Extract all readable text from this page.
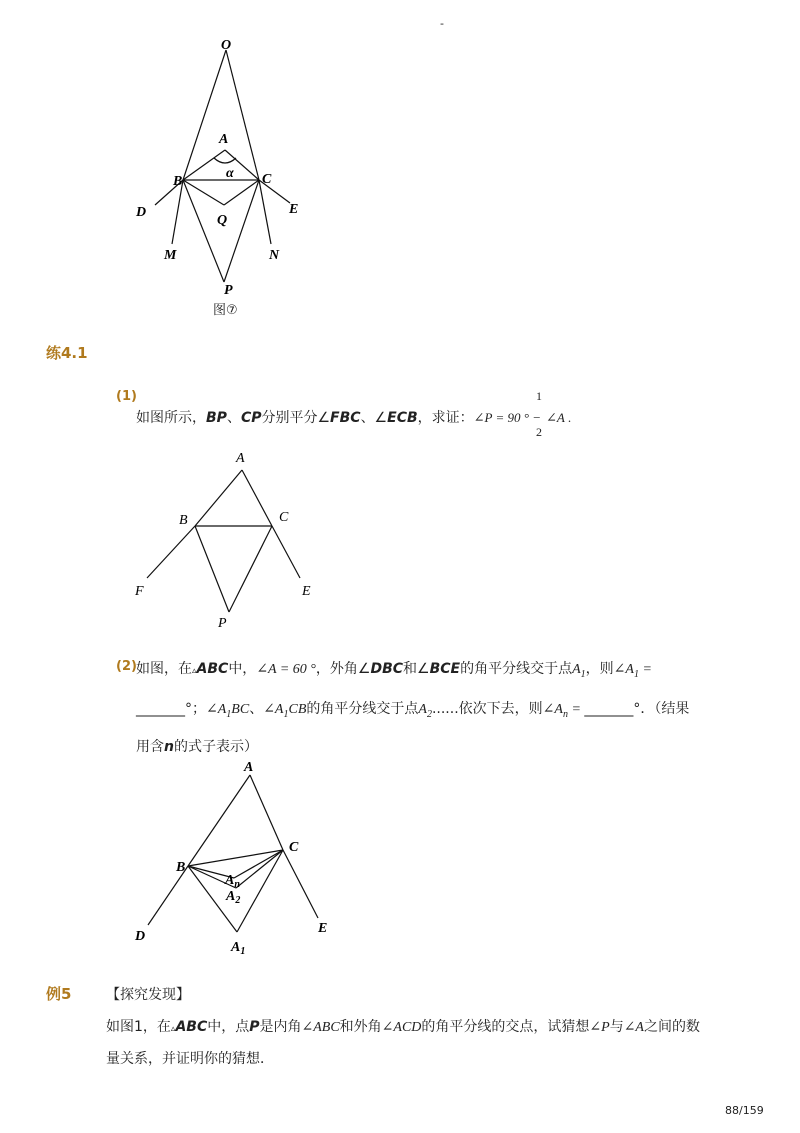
-
O
A
α
B	C
D	E
Q
M	N
P
图⑦
练4.1
(1)
如图所示，BP、CP分别平分∠FBC、∠ECB，求证：∠P = 90 ° −
1
2
∠A .
A
B	C
F	E
P
(2) 如图，在▵ABC中，∠A = 60 °，外角∠DBC和∠BCE的角平分线交于点$A_1$，则$\angle A_1$ =
_______°；$\angle A_1BC$、$\angle A_1CB$的角平分线交于点$A_2$......依次下去，则$\angle A_n$ = _______°．（结果
用含n的式子表示）
A
B
C
D
E
$A_n$
$A_2$
$A_1$
例5 【探究发现】
如图1，在▵ABC中，点P是内角∠ABC和外角∠ACD的角平分线的交点，试猜想∠P与∠A之间的数
量关系，并证明你的猜想．
88/159
